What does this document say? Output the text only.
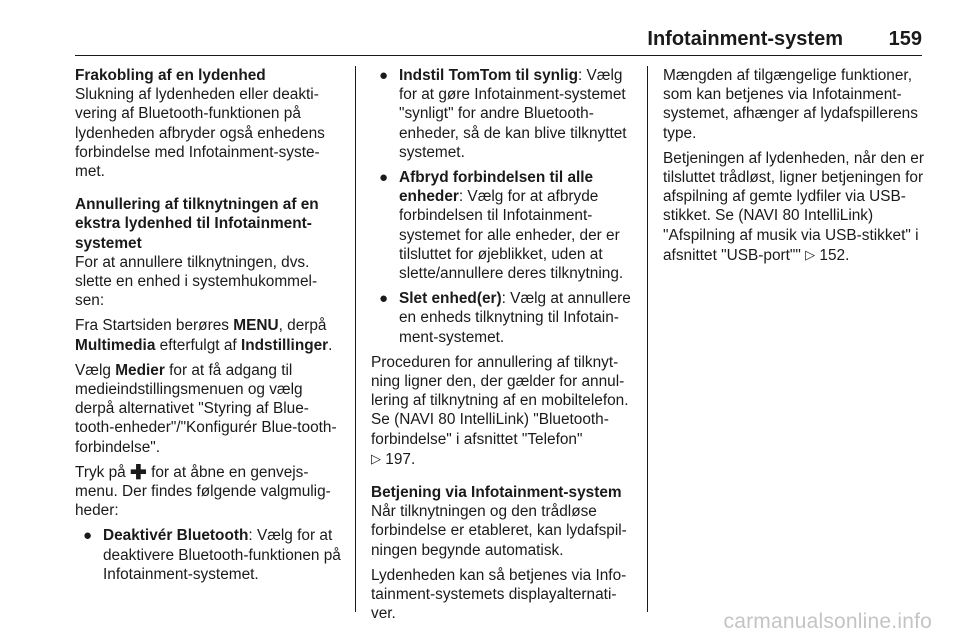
Infotainment-system 159
Frakobling af en lydenhed

Slukning af lydenheden eller deakti-vering af Bluetooth-funktionen på lydenheden afbryder også enhedens forbindelse med Infotainment-syste-met.

Annullering af tilknytningen af en ekstra lydenhed til Infotainment-systemet

For at annullere tilknytningen, dvs. slette en enhed i systemhukommel-sen:

Fra Startsiden berøres MENU, derpå Multimedia efterfulgt af Indstillinger.

Vælg Medier for at få adgang til medieindstillingsmenuen og vælg derpå alternativet "Styring af Blue-tooth-enheder"/"Konfigurér Blue-tooth-forbindelse".

Tryk på ✚ for at åbne en genvejs-menu. Der findes følgende valgmulig-heder:

● Deaktivér Bluetooth: Vælg for at deaktivere Bluetooth-funktionen på Infotainment-systemet.
● Indstil TomTom til synlig: Vælg for at gøre Infotainment-systemet "synligt" for andre Bluetooth-enheder, så de kan blive tilknyttet systemet.
● Afbryd forbindelsen til alle enheder: Vælg for at afbryde forbindelsen til Infotainment-systemet for alle enheder, der er tilsluttet for øjeblikket, uden at slette/annullere deres tilknytning.
● Slet enhed(er): Vælg at annullere en enheds tilknytning til Infotain-ment-systemet.

Proceduren for annullering af tilknyt-ning ligner den, der gælder for annul-lering af tilknytning af en mobiltelefon. Se (NAVI 80 IntelliLink) "Bluetooth-forbindelse" i afsnittet "Telefon"
▷ 197.

Betjening via Infotainment-system

Når tilknytningen og den trådløse forbindelse er etableret, kan lydafspil-ningen begynde automatisk.

Lydenheden kan så betjenes via Info-tainment-systemets displayalternati-ver.

Mængden af tilgængelige funktioner, som kan betjenes via Infotainment-systemet, afhænger af lydafspillerens type.

Betjeningen af lydenheden, når den er tilsluttet trådløst, ligner betjeningen for afspilning af gemte lydfiler via USB-stikket. Se (NAVI 80 IntelliLink) "Afspilning af musik via USB-stikket" i afsnittet "USB-port"" ▷ 152.

carmanualsonline.info
